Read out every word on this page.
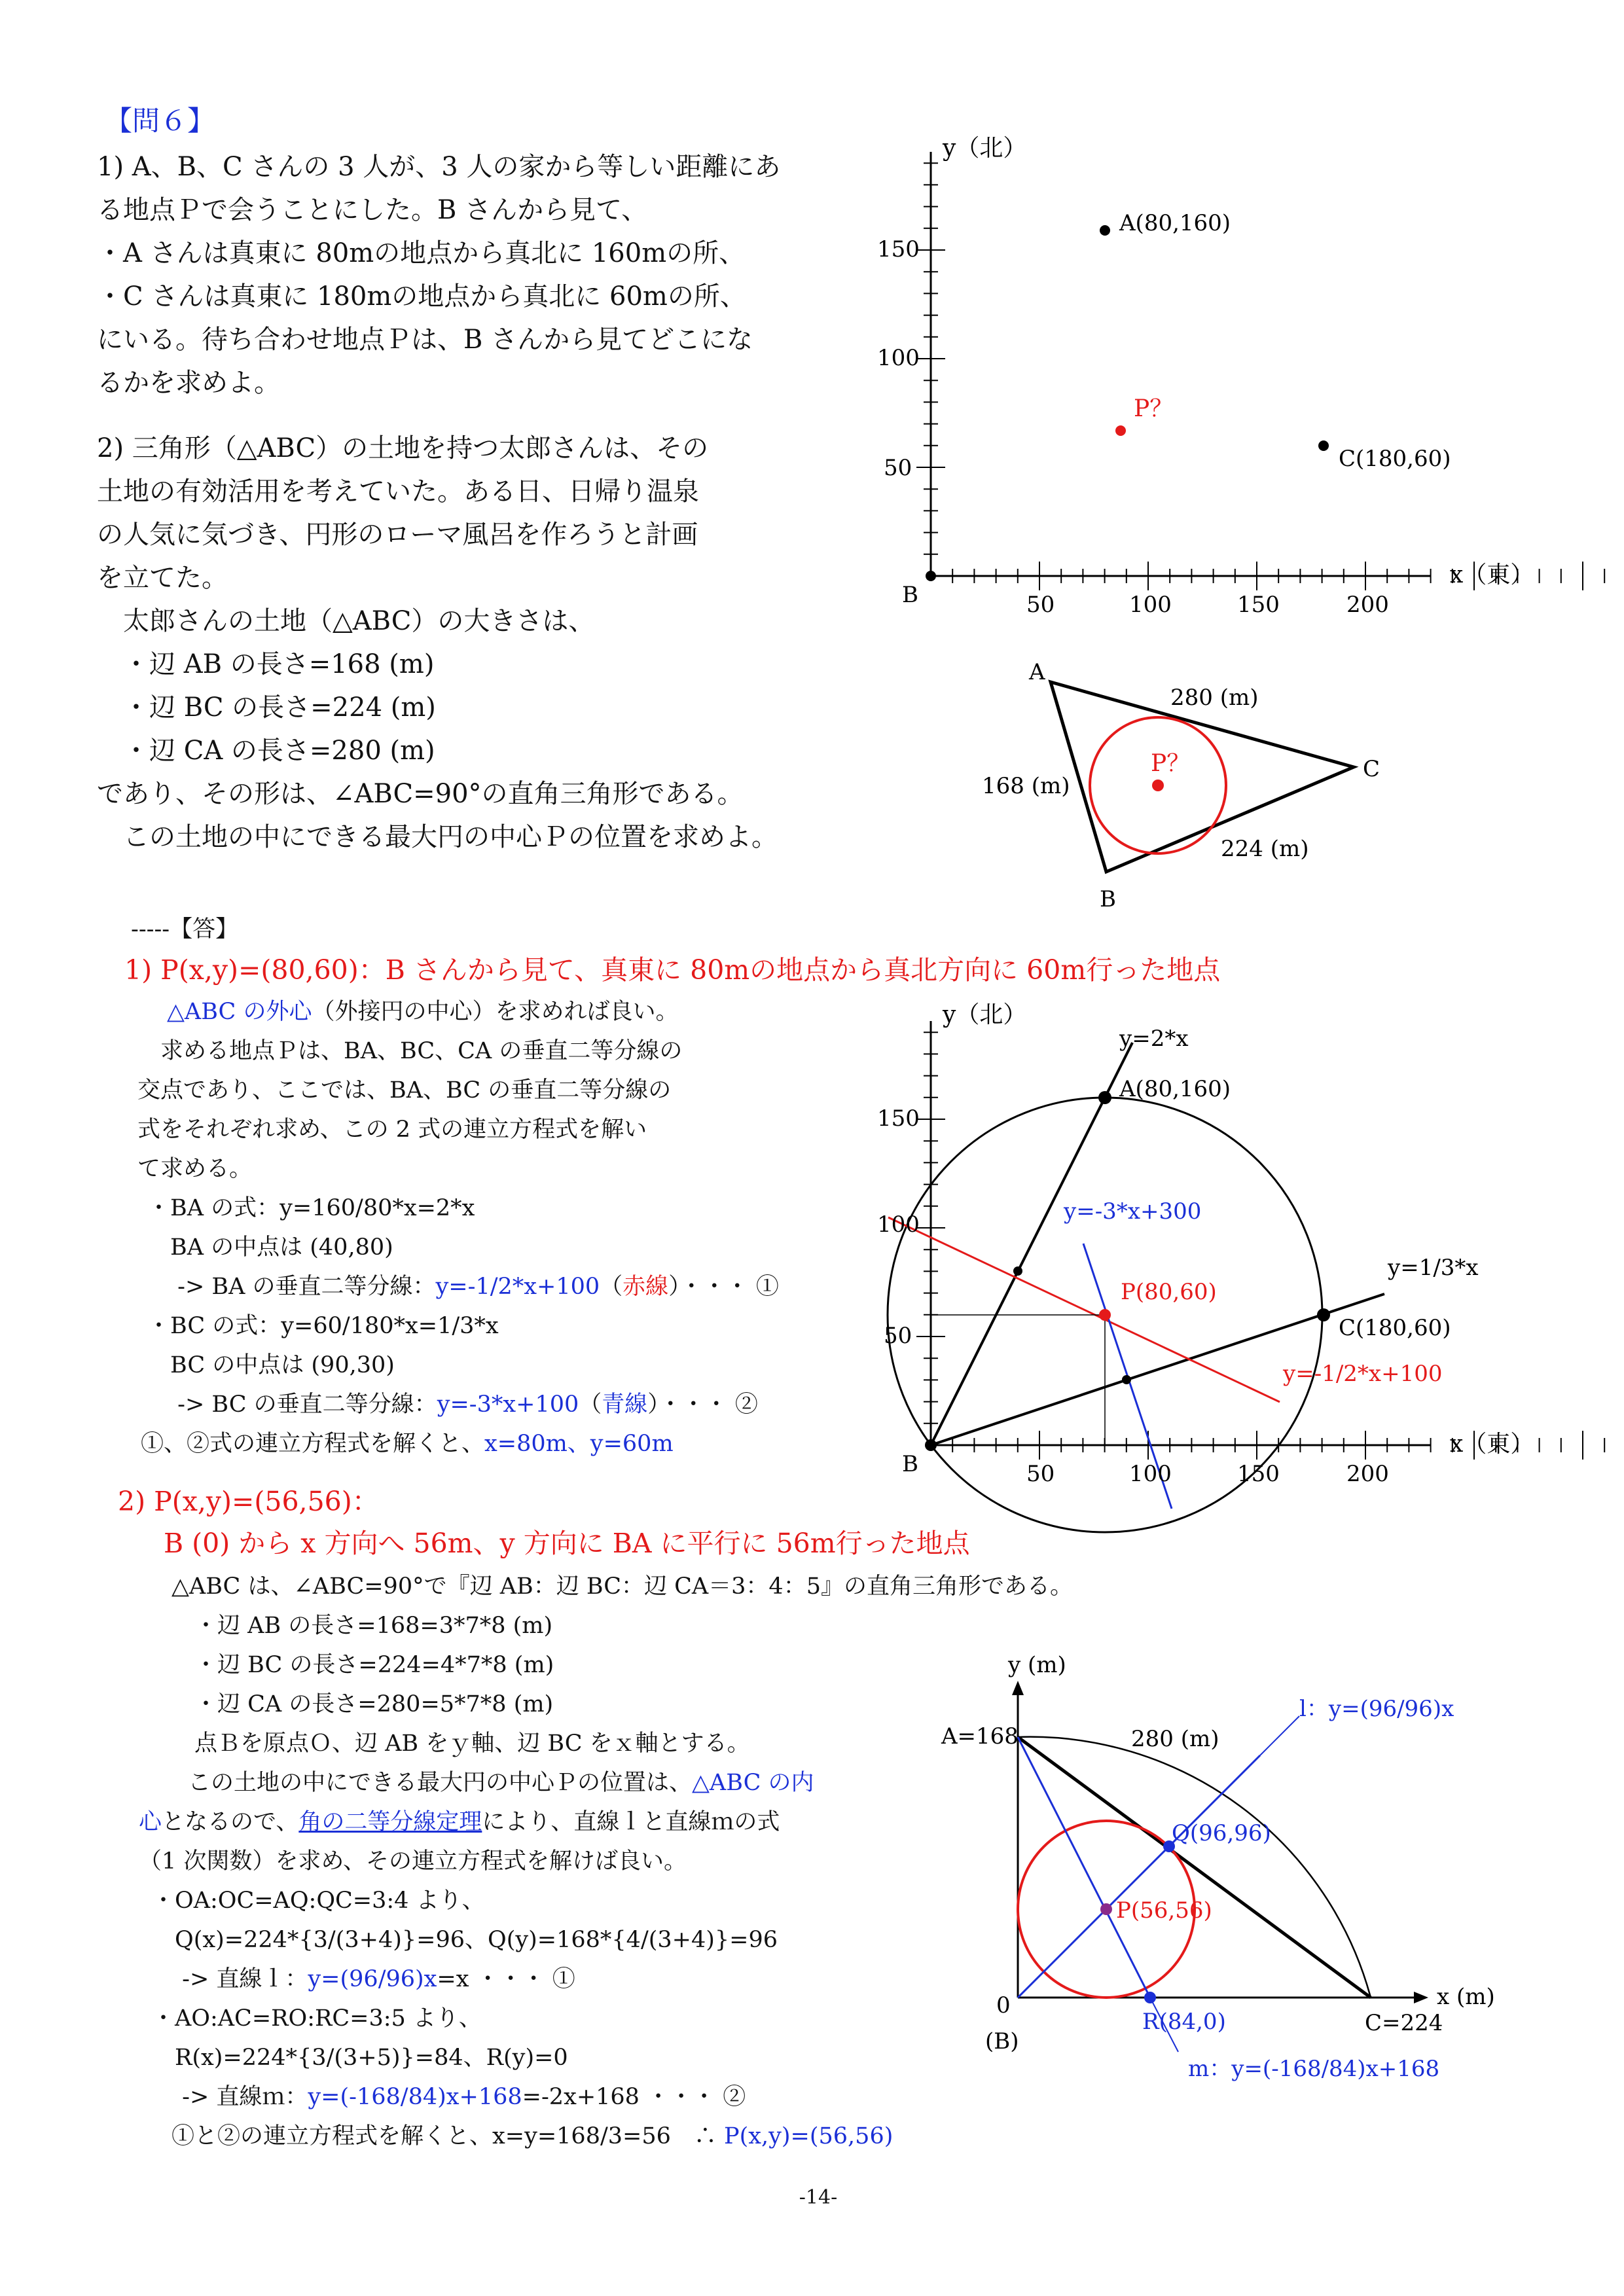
【問６】
1) A、B、C さんの 3 人が、3 人の家から等しい距離にあ
る地点Ｐで会うことにした。B さんから見て、
・A さんは真東に 80mの地点から真北に 160mの所、
・C さんは真東に 180mの地点から真北に 60mの所、
にいる。待ち合わせ地点Ｐは、B さんから見てどこにな
るかを求めよ。
2) 三角形（△ABC）の土地を持つ太郎さんは、その
土地の有効活用を考えていた。ある日、日帰り温泉
の人気に気づき、円形のローマ風呂を作ろうと計画
を立てた。
　太郎さんの土地（△ABC）の大きさは、
　・辺 AB の長さ=168 (m)
　・辺 BC の長さ=224 (m)
　・辺 CA の長さ=280 (m)
であり、その形は、∠ABC=90°の直角三角形である。
　この土地の中にできる最大円の中心Ｐの位置を求めよ。
y（北）
x（東）
150
100
50
50	100	150	200
B
A(80,160)
C(180,60)
P？
A
B
C
168 (m)
224 (m)
280 (m)
P？
-----【答】
1) P(x,y)=(80,60)：B さんから見て、真東に 80mの地点から真北方向に 60m行った地点
△ABC の外心（外接円の中心）を求めれば良い。
　求める地点Ｐは、BA、BC、CA の垂直二等分線の
交点であり、ここでは、BA、BC の垂直二等分線の
式をそれぞれ求め、この 2 式の連立方程式を解い
て求める。
・BA の式：y=160/80*x=2*x
　BA の中点は (40,80)
　 -> BA の垂直二等分線：y=-1/2*x+100（赤線）・・・ ①
・BC の式：y=60/180*x=1/3*x
　BC の中点は (90,30)
　 -> BC の垂直二等分線：y=-3*x+100（青線）・・・ ②
①、②式の連立方程式を解くと、x=80m、y=60m
y（北）
x（東）
150
100
50
50	100	150	200
B
A(80,160)
C(180,60)
P(80,60)
y=2*x
y=1/3*x
y=-3*x+300
y=-1/2*x+100
2) P(x,y)=(56,56)：
B (0) から x 方向へ 56m、y 方向に BA に平行に 56m行った地点
△ABC は、∠ABC=90°で『辺 AB：辺 BC：辺 CA＝3：4：5』の直角三角形である。
　・辺 AB の長さ=168=3*7*8 (m)
　・辺 BC の長さ=224=4*7*8 (m)
　・辺 CA の長さ=280=5*7*8 (m)
　点Ｂを原点Ｏ、辺 AB をｙ軸、辺 BC をｘ軸とする。
　この土地の中にできる最大円の中心Ｐの位置は、△ABC の内
心となるので、角の二等分線定理により、直線ｌと直線ｍの式
（1 次関数）を求め、その連立方程式を解けば良い。
・OA:OC=AQ:QC=3:4 より、
　Q(x)=224*{3/(3+4)}=96、Q(y)=168*{4/(3+4)}=96
　 -> 直線ｌ：y=(96/96)x=x ・・・ ①
・AO:AC=RO:RC=3:5 より、
　R(x)=224*{3/(3+5)}=84、R(y)=0
　 -> 直線ｍ：y=(-168/84)x+168=-2x+168 ・・・ ②
①と②の連立方程式を解くと、x=y=168/3=56　∴ P(x,y)=(56,56)
y (m)
x (m)
A=168
C=224
0
(B)
280 (m)
Q(96,96)
P(56,56)
R(84,0)
l：y=(96/96)x
m：y=(-168/84)x+168
-14-
